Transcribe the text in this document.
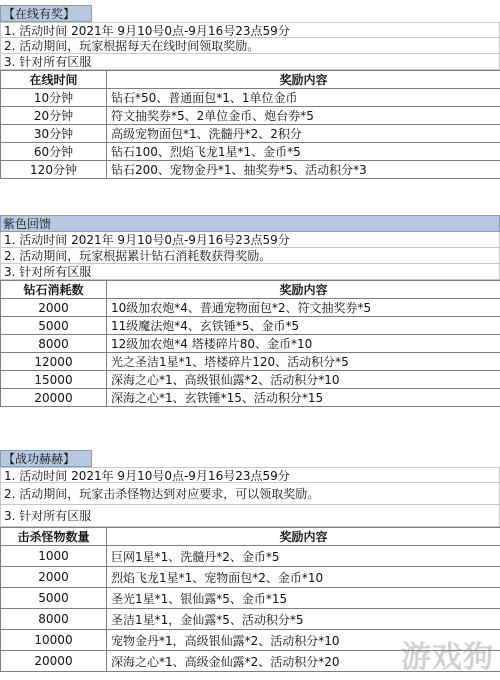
【在线有奖】
1. 活动时间 2021年 9月10号0点-9月16号23点59分
2. 活动期间，玩家根据每天在线时间领取奖励。
3. 针对所有区服
在线时间	奖励内容
10分钟	钻石*50、普通面包*1、1单位金币
20分钟	符文抽奖券*5、2单位金币、炮台券*5
30分钟	高级宠物面包*1、洗髓丹*2、2积分
60分钟	钻石100、烈焰飞龙1星*1、金币*5
120分钟	钻石200、宠物金丹*1、抽奖券*5、活动积分*3
紫色回馈
1. 活动时间 2021年 9月10号0点-9月16号23点59分
2. 活动期间，玩家根据累计钻石消耗数获得奖励。
3. 针对所有区服
钻石消耗数	奖励内容
2000	10级加农炮*4、普通宠物面包*2、符文抽奖券*5
5000	11级魔法炮*4、玄铁锤*5、金币*5
8000	12级加农炮*4 塔楼碎片80、金币*10
12000	光之圣洁1星*1、塔楼碎片120、活动积分*5
15000	深海之心*1、高级银仙露*2、活动积分*10
20000	深海之心*1、玄铁锤*15、活动积分*15
【战功赫赫】
1. 活动时间 2021年 9月10号0点-9月16号23点59分
2. 活动期间，玩家击杀怪物达到对应要求，可以领取奖励。
3. 针对所有区服
击杀怪物数量	奖励内容
1000	巨网1星*1、洗髓丹*2、金币*5
2000	烈焰飞龙1星*1、宠物面包*2、金币*10
5000	圣光1星*1、银仙露*5、金币*15
8000	圣洁1星*1，金仙露*5、活动积分*5
10000	宠物金丹*1，高级银仙露*2、活动积分*10
20000	深海之心*1、高级金仙露*2、活动积分*20 游戏狗
